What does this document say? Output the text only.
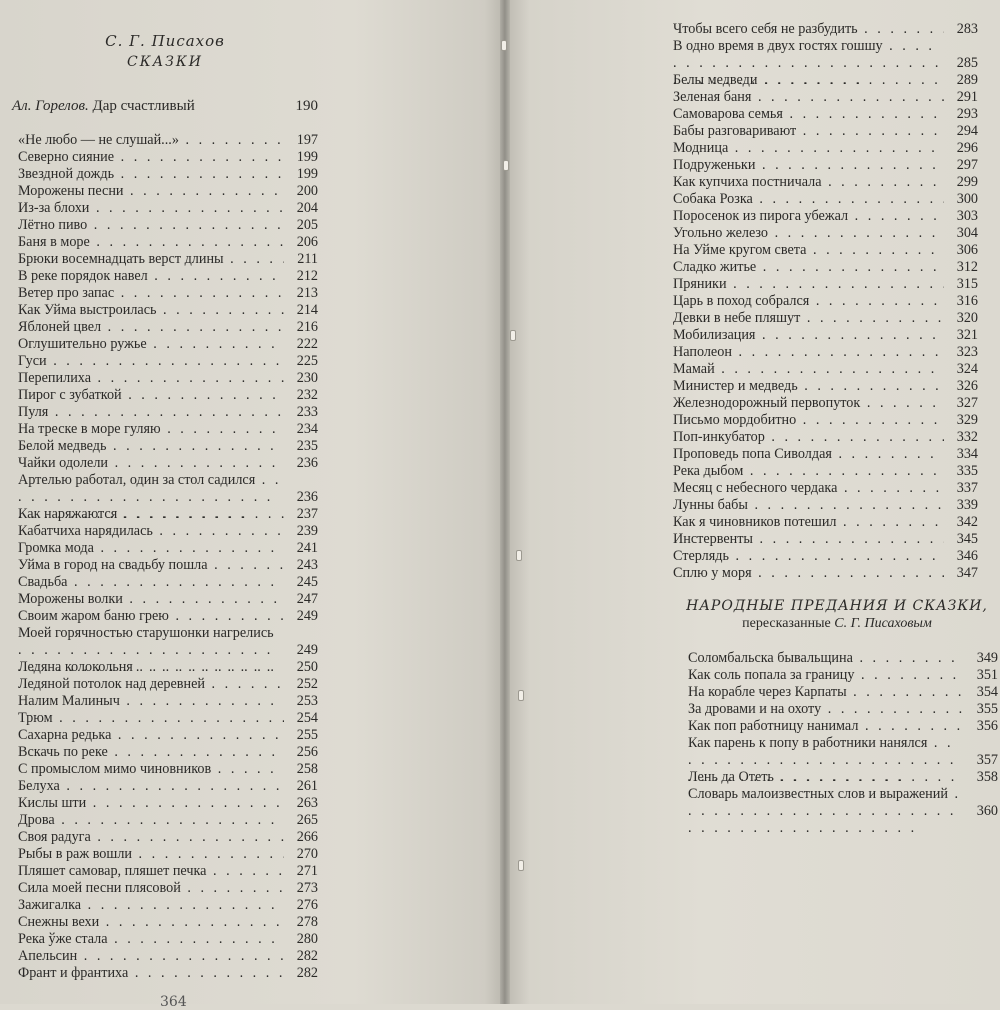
С. Г. Писахов
СКАЗКИ
Ал. Горелов. Дар счастливый	190
«Не любо — не слушай...» . . .	197
Северно сияние . . .	199
Звездной дождь . . .	199
Морожены песни . . .	200
Из-за блохи . . .	204
Лётно пиво . . .	205
Баня в море . . .	206
Брюки восемнадцать верст длины . . .	211
В реке порядок навел . . .	212
Ветер про запас . . .	213
Как Уйма выстроилась . . .	214
Яблоней цвел . . .	216
Оглушительно ружье . . .	222
Гуси . . .	225
Перепилиха . . .	230
Пирог с зубаткой . . .	232
Пуля . . .	233
На треске в море гуляю . . .	234
Белой медведь . . .	235
Чайки одолели . . .	236
Артелью работал, один за стол садился . . .
236
Как наряжаются . . .	237
Кабатчиха нарядилась . . .	239
Громка мода . . .	241
Уйма в город на свадьбу пошла . . .	243
Свадьба . . .	245
Морожены волки . . .	247
Своим жаром баню грею . . .	249
Моей горячностью старушонки нагрелись . . .
249
Ледяна колокольня . . .	250
Ледяной потолок над деревней . . .	252
Налим Малиныч . . .	253
Трюм . . .	254
Сахарна редька . . .	255
Вскачь по реке . . .	256
С промыслом мимо чиновников . . .	258
Белуха . . .	261
Кислы шти . . .	263
Дрова . . .	265
Своя радуга . . .	266
Рыбы в раж вошли . . .	270
Пляшет самовар, пляшет печка . . .	271
Сила моей песни плясовой . . .	273
Зажигалка . . .	276
Снежны вехи . . .	278
Река ўже стала . . .	280
Апельсин . . .	282
Франт и франтиха . . .	282
Чтобы всего себя не разбудить . . .	283
В одно время в двух гостях гошшу . . .
285
Белы медведи . . .	289
Зеленая баня . . .	291
Самоварова семья . . .	293
Бабы разговаривают . . .	294
Модница . . .	296
Подруженьки . . .	297
Как купчиха постничала . . .	299
Собака Розка . . .	300
Поросенок из пирога убежал . . .	303
Угольно железо . . .	304
На Уйме кругом света . . .	306
Сладко житье . . .	312
Пряники . . .	315
Царь в поход собрался . . .	316
Девки в небе пляшут . . .	320
Мобилизация . . .	321
Наполеон . . .	323
Мамай . . .	324
Министер и медведь . . .	326
Железнодорожный первопуток . . .	327
Письмо мордобитно . . .	329
Поп-инкубатор . . .	332
Проповедь попа Сиволдая . . .	334
Река дыбом . . .	335
Месяц с небесного чердака . . .	337
Лунны бабы . . .	339
Как я чиновников потешил . . .	342
Инстервенты . . .	345
Стерлядь . . .	346
Сплю у моря . . .	347
НАРОДНЫЕ ПРЕДАНИЯ И СКАЗКИ,
пересказанные С. Г. Писаховым
Соломбальска бывальщина . . .	349
Как соль попала за границу . . .	351
На корабле через Карпаты . . .	354
За дровами и на охоту . . .	355
Как поп работницу нанимал . . .	356
Как парень к попу в работники нанялся . . .
357
Лень да Отеть . . .	358
Словарь малоизвестных слов и выражений . . .
360
364
